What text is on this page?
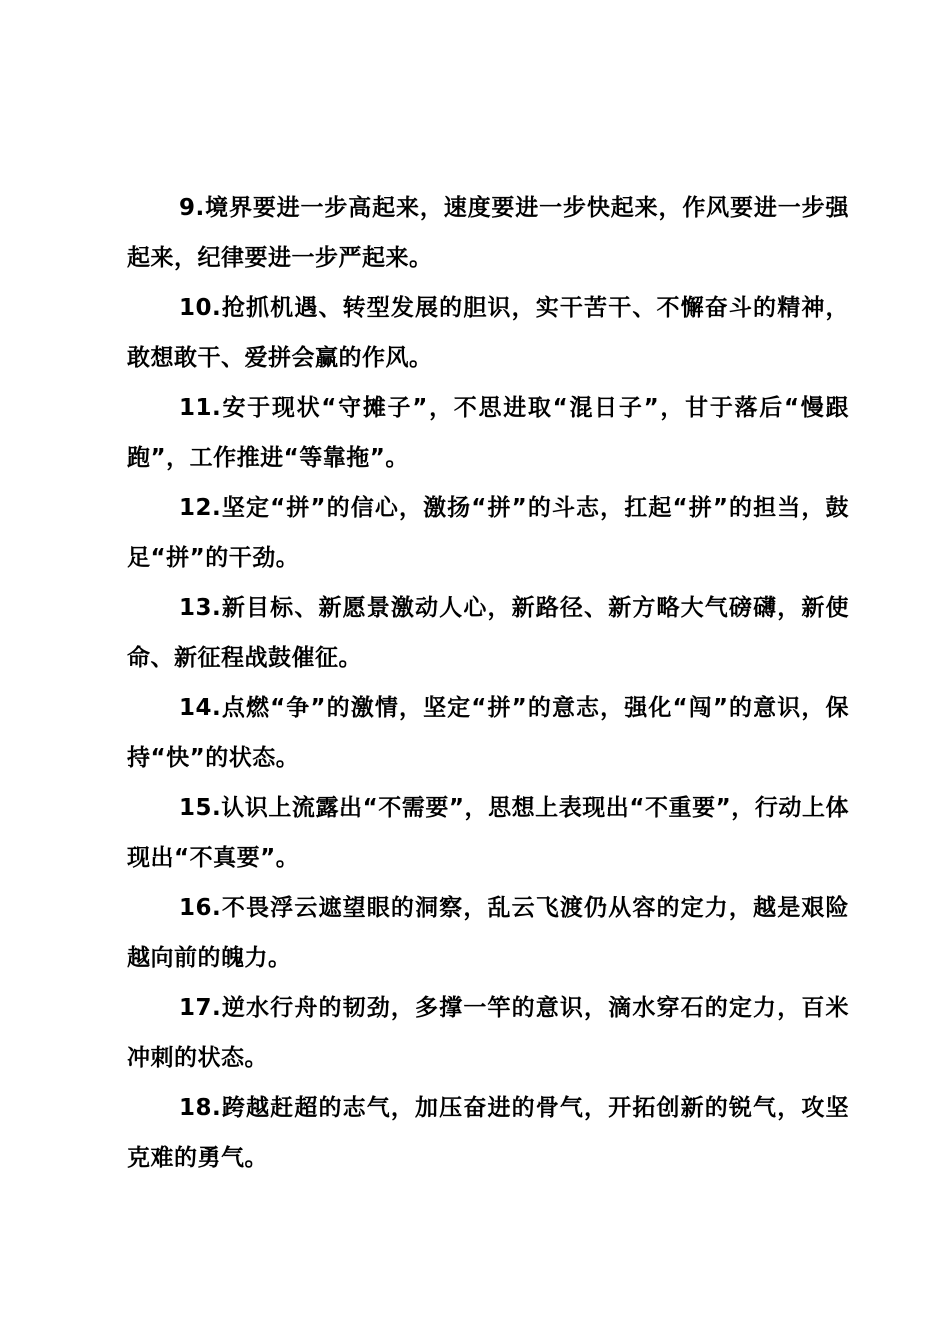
9.境界要进一步高起来，速度要进一步快起来，作风要进一步强起来，纪律要进一步严起来。

10.抢抓机遇、转型发展的胆识，实干苦干、不懈奋斗的精神，敢想敢干、爱拼会赢的作风。

11.安于现状“守摊子”，不思进取“混日子”，甘于落后“慢跟跑”，工作推进“等靠拖”。

12.坚定“拼”的信心，激扬“拼”的斗志，扛起“拼”的担当，鼓足“拼”的干劲。

13.新目标、新愿景激动人心，新路径、新方略大气磅礴，新使命、新征程战鼓催征。

14.点燃“争”的激情，坚定“拼”的意志，强化“闯”的意识，保持“快”的状态。

15.认识上流露出“不需要”，思想上表现出“不重要”，行动上体现出“不真要”。

16.不畏浮云遮望眼的洞察，乱云飞渡仍从容的定力，越是艰险越向前的魄力。

17.逆水行舟的韧劲，多撑一竿的意识，滴水穿石的定力，百米冲刺的状态。

18.跨越赶超的志气，加压奋进的骨气，开拓创新的锐气，攻坚克难的勇气。
